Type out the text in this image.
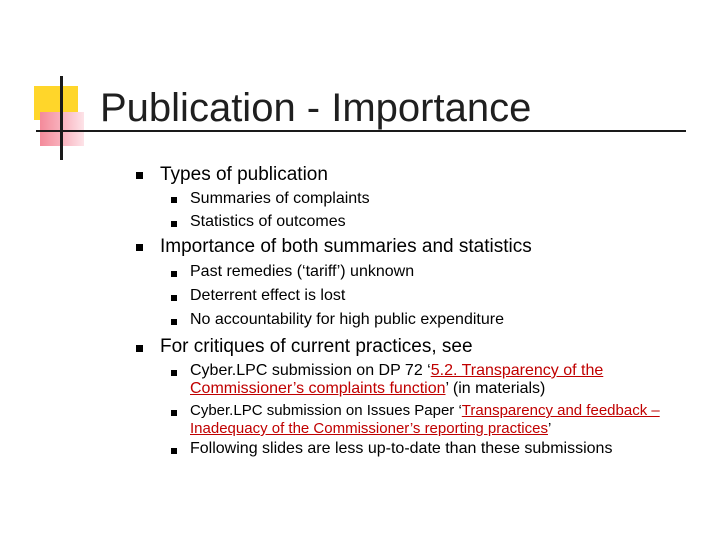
Publication - Importance
Types of publication
Summaries of complaints
Statistics of outcomes
Importance of both summaries and statistics
Past remedies (‘tariff’) unknown
Deterrent effect is lost
No accountability for high public expenditure
For critiques of current practices, see
Cyber.LPC submission on DP 72 ‘5.2. Transparency of the
Commissioner’s complaints function’ (in materials)
Cyber.LPC submission on Issues Paper ‘Transparency and feedback –
Inadequacy of the Commissioner’s reporting practices’
Following slides are less up-to-date than these submissions
